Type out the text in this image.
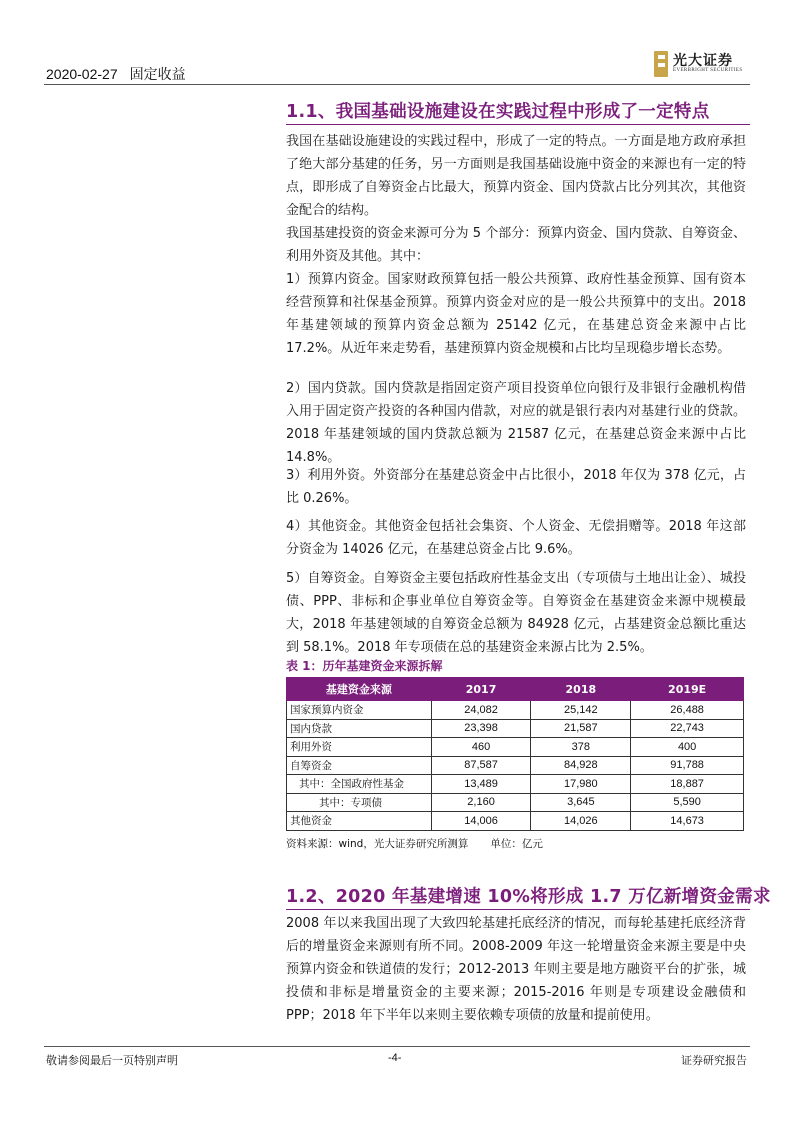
2020-02-27 固定收益
光大证券
EVERBRIGHT SECURITIES
1.1、我国基础设施建设在实践过程中形成了一定特点
我国在基础设施建设的实践过程中，形成了一定的特点。一方面是地方政府承担了绝大部分基建的任务，另一方面则是我国基础设施中资金的来源也有一定的特点，即形成了自筹资金占比最大，预算内资金、国内贷款占比分列其次，其他资金配合的结构。
我国基建投资的资金来源可分为 5 个部分：预算内资金、国内贷款、自筹资金、利用外资及其他。其中：
1）预算内资金。国家财政预算包括一般公共预算、政府性基金预算、国有资本经营预算和社保基金预算。预算内资金对应的是一般公共预算中的支出。2018 年基建领域的预算内资金总额为 25142 亿元，在基建总资金来源中占比 17.2%。从近年来走势看，基建预算内资金规模和占比均呈现稳步增长态势。
2）国内贷款。国内贷款是指固定资产项目投资单位向银行及非银行金融机构借入用于固定资产投资的各种国内借款，对应的就是银行表内对基建行业的贷款。2018 年基建领域的国内贷款总额为 21587 亿元，在基建总资金来源中占比 14.8%。
3）利用外资。外资部分在基建总资金中占比很小，2018 年仅为 378 亿元，占比 0.26%。
4）其他资金。其他资金包括社会集资、个人资金、无偿捐赠等。2018 年这部分资金为 14026 亿元，在基建总资金占比 9.6%。
5）自筹资金。自筹资金主要包括政府性基金支出（专项债与土地出让金）、城投债、PPP、非标和企事业单位自筹资金等。自筹资金在基建资金来源中规模最大，2018 年基建领域的自筹资金总额为 84928 亿元，占基建资金总额比重达到 58.1%。2018 年专项债在总的基建资金来源占比为 2.5%。
表 1：历年基建资金来源拆解
基建资金来源	2017	2018	2019E
国家预算内资金	24,082	25,142	26,488
国内贷款	23,398	21,587	22,743
利用外资	460	378	400
自筹资金	87,587	84,928	91,788
其中：全国政府性基金	13,489	17,980	18,887
其中：专项债	2,160	3,645	5,590
其他资金	14,006	14,026	14,673
资料来源：wind，光大证券研究所测算 单位：亿元
1.2、2020 年基建增速 10%将形成 1.7 万亿新增资金需求
2008 年以来我国出现了大致四轮基建托底经济的情况，而每轮基建托底经济背后的增量资金来源则有所不同。2008-2009 年这一轮增量资金来源主要是中央预算内资金和铁道债的发行；2012-2013 年则主要是地方融资平台的扩张，城投债和非标是增量资金的主要来源；2015-2016 年则是专项建设金融债和 PPP；2018 年下半年以来则主要依赖专项债的放量和提前使用。
敬请参阅最后一页特别声明	-4-	证券研究报告
